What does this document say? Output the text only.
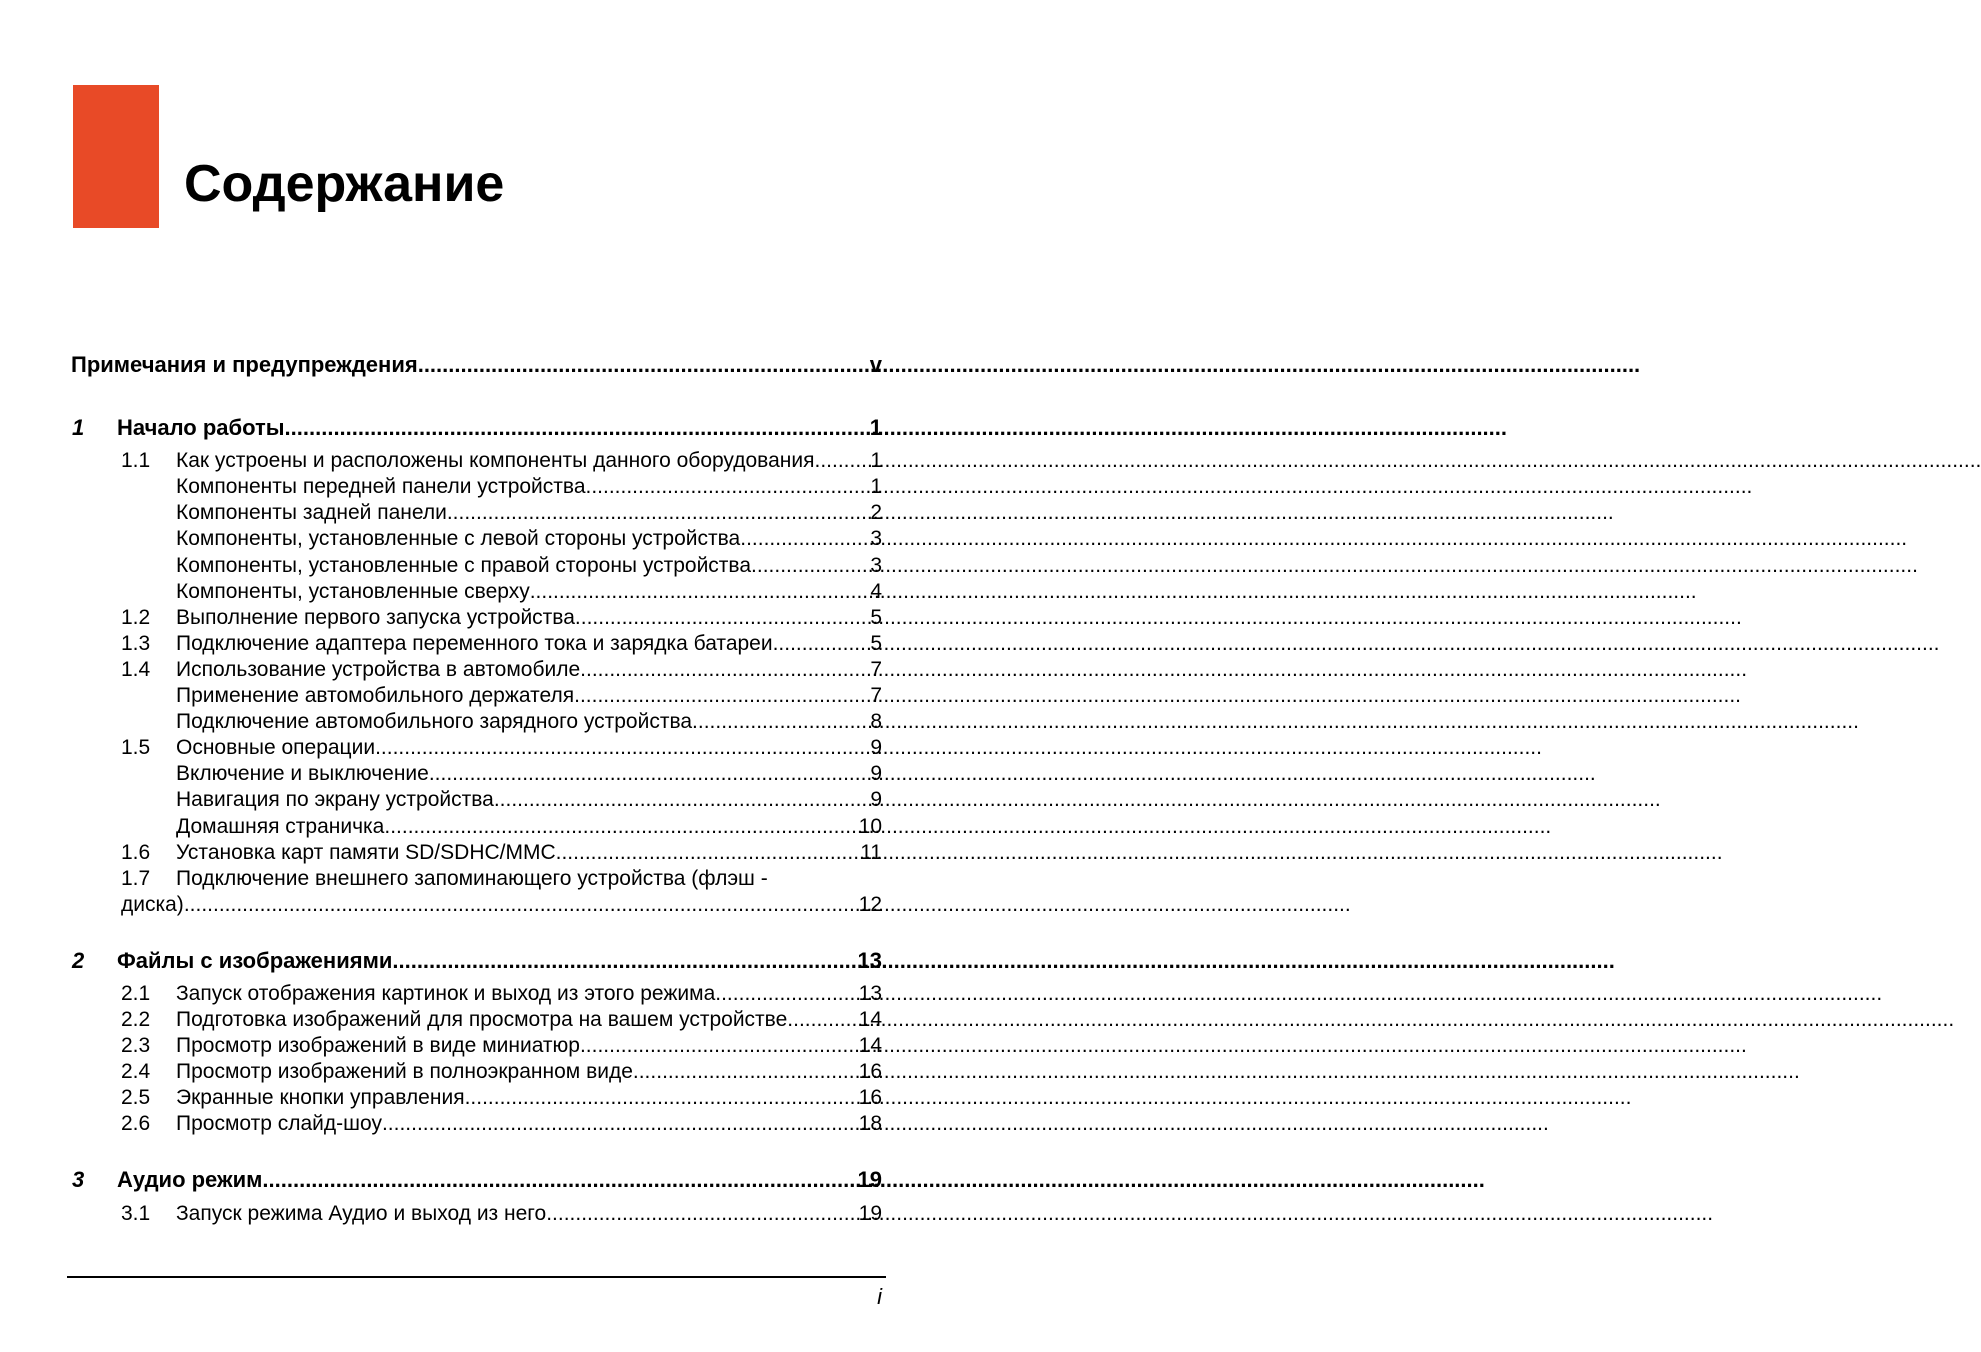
Содержание
Примечания и предупреждения .....	v
1	Начало работы .....	1
1.1	Как устроены и расположены компоненты данного оборудования .....	1
Компоненты передней панели устройства .....	1
Компоненты задней панели .....	2
Компоненты, установленные с левой стороны устройства .....	3
Компоненты, установленные с правой стороны устройства .....	3
Компоненты, установленные сверху .....	4
1.2	Выполнение первого запуска устройства .....	5
1.3	Подключение адаптера переменного тока и зарядка батареи .....	5
1.4	Использование устройства в автомобиле .....	7
Применение автомобильного держателя .....	7
Подключение автомобильного зарядного устройства .....	8
1.5	Основные операции .....	9
Включение и выключение .....	9
Навигация по экрану устройства .....	9
Домашняя страничка .....	10
1.6	Установка карт памяти SD/SDHC/MMC .....	11
1.7	Подключение внешнего запоминающего устройства (флэш -
диска) .....	12
2	Файлы с изображениями .....	13
2.1	Запуск отображения картинок и выход из этого режима .....	13
2.2	Подготовка изображений для просмотра на вашем устройстве .....	14
2.3	Просмотр изображений в виде миниатюр .....	14
2.4	Просмотр изображений в полноэкранном виде .....	16
2.5	Экранные кнопки управления .....	16
2.6	Просмотр слайд-шоу .....	18
3	Аудио режим .....	19
3.1	Запуск режима Аудио и выход из него .....	19
i
